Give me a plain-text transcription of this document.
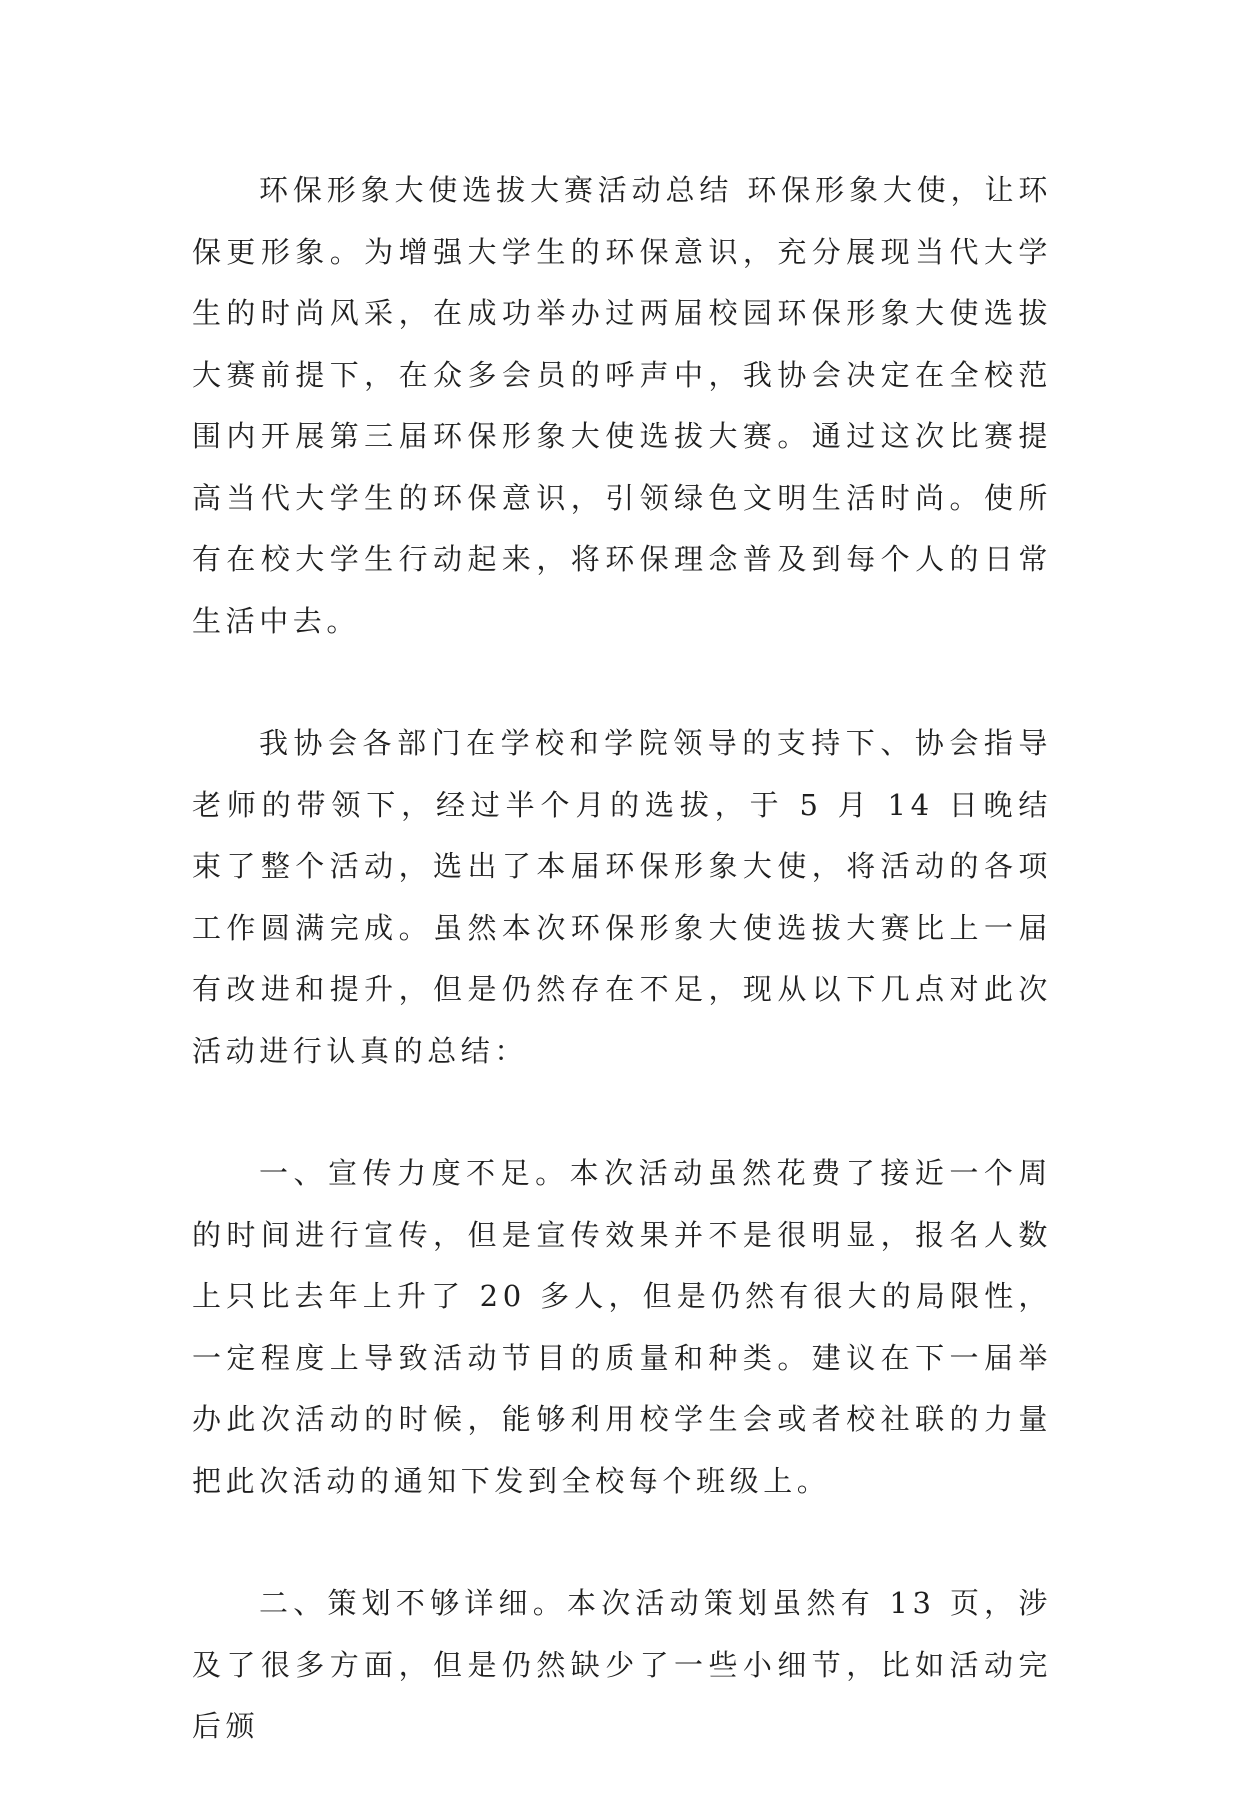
环保形象大使选拔大赛活动总结 环保形象大使，让环保更形象。为增强大学生的环保意识，充分展现当代大学生的时尚风采，在成功举办过两届校园环保形象大使选拔大赛前提下，在众多会员的呼声中，我协会决定在全校范围内开展第三届环保形象大使选拔大赛。通过这次比赛提高当代大学生的环保意识，引领绿色文明生活时尚。使所有在校大学生行动起来，将环保理念普及到每个人的日常生活中去。

我协会各部门在学校和学院领导的支持下、协会指导老师的带领下，经过半个月的选拔，于 5 月 14 日晚结束了整个活动，选出了本届环保形象大使，将活动的各项工作圆满完成。虽然本次环保形象大使选拔大赛比上一届有改进和提升，但是仍然存在不足，现从以下几点对此次活动进行认真的总结：

一、宣传力度不足。本次活动虽然花费了接近一个周的时间进行宣传，但是宣传效果并不是很明显，报名人数上只比去年上升了 20 多人，但是仍然有很大的局限性，一定程度上导致活动节目的质量和种类。建议在下一届举办此次活动的时候，能够利用校学生会或者校社联的力量把此次活动的通知下发到全校每个班级上。

二、策划不够详细。本次活动策划虽然有 13 页，涉及了很多方面，但是仍然缺少了一些小细节，比如活动完后颁
